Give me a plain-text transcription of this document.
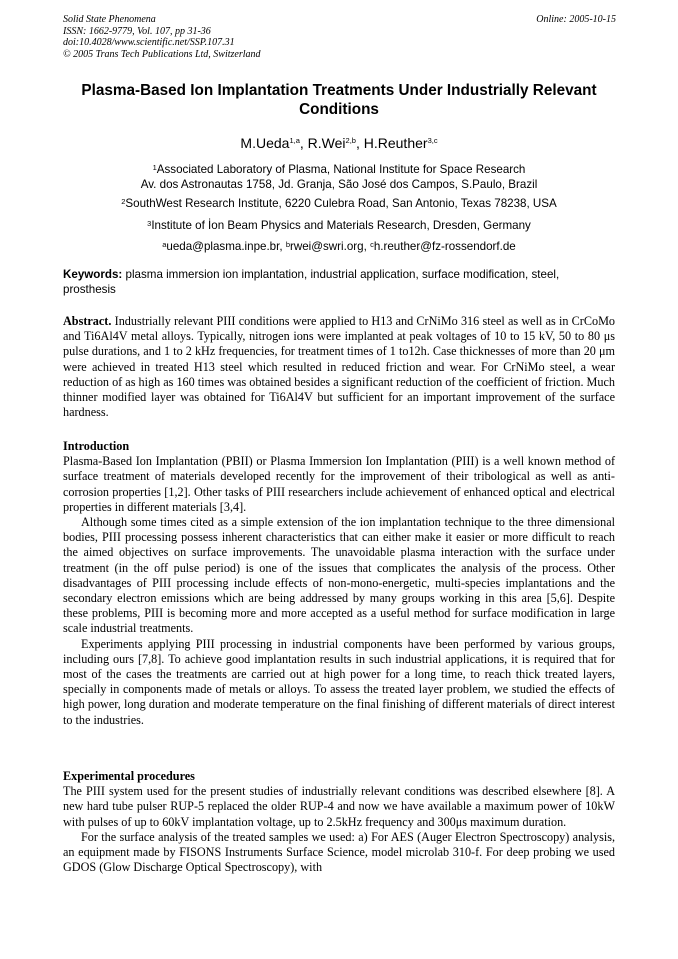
Solid State Phenomena
ISSN: 1662-9779, Vol. 107, pp 31-36
doi:10.4028/www.scientific.net/SSP.107.31
© 2005 Trans Tech Publications Ltd, Switzerland
Online: 2005-10-15
Plasma-Based Ion Implantation Treatments Under Industrially Relevant Conditions
M.Ueda$^{1,a}$, R.Wei$^{2,b}$, H.Reuther$^{3,c}$
$^1$Associated Laboratory of Plasma, National Institute for Space Research
Av. dos Astronautas 1758, Jd. Granja, São José dos Campos, S.Paulo, Brazil
$^2$SouthWest Research Institute, 6220 Culebra Road, San Antonio, Texas 78238, USA
$^3$Institute of İon Beam Physics and Materials Research, Dresden, Germany
$^a$ueda@plasma.inpe.br, $^b$rwei@swri.org, $^c$h.reuther@fz-rossendorf.de
Keywords: plasma immersion ion implantation, industrial application, surface modification, steel, prosthesis

Abstract. Industrially relevant PIII conditions were applied to H13 and CrNiMo 316 steel as well as in CrCoMo and Ti6Al4V metal alloys. Typically, nitrogen ions were implanted at peak voltages of 10 to 15 kV, 50 to 80 μs pulse durations, and 1 to 2 kHz frequencies, for treatment times of 1 to12h. Case thicknesses of more than 20 μm were achieved in treated H13 steel which resulted in reduced friction and wear. For CrNiMo steel, a wear reduction of as high as 160 times was obtained besides a significant reduction of the coefficient of friction. Much thinner modified layer was obtained for Ti6Al4V but sufficient for an important improvement of the surface hardness.

Introduction

Plasma-Based Ion Implantation (PBII) or Plasma Immersion Ion Implantation (PIII) is a well known method of surface treatment of materials developed recently for the improvement of their tribological as well as anti-corrosion properties [1,2]. Other tasks of PIII researchers include achievement of enhanced optical and electrical properties in different materials [3,4].

Although some times cited as a simple extension of the ion implantation technique to the three dimensional bodies, PIII processing possess inherent characteristics that can either make it easier or more difficult to reach the aimed objectives on surface improvements. The unavoidable plasma interaction with the surface under treatment (in the off pulse period) is one of the issues that complicates the analysis of the process. Other disadvantages of PIII processing include effects of non-mono-energetic, multi-species implantations and the secondary electron emissions which are being addressed by many groups working in this area [5,6]. Despite these problems, PIII is becoming more and more accepted as a useful method for surface modification in large scale industrial treatments.

Experiments applying PIII processing in industrial components have been performed by various groups, including ours [7,8]. To achieve good implantation results in such industrial applications, it is required that for most of the cases the treatments are carried out at high power for a long time, to reach thick treated layers, specially in components made of metals or alloys. To assess the treated layer problem, we studied the effects of high power, long duration and moderate temperature on the final finishing of different materials of direct interest to the industries.

Experimental procedures

The PIII system used for the present studies of industrially relevant conditions was described elsewhere [8]. A new hard tube pulser RUP-5 replaced the older RUP-4 and now we have available a maximum power of 10kW with pulses of up to 60kV implantation voltage, up to 2.5kHz frequency and 300μs maximum duration.

For the surface analysis of the treated samples we used: a) For AES (Auger Electron Spectroscopy) analysis, an equipment made by FISONS Instruments Surface Science, model microlab 310-f. For deep probing we used GDOS (Glow Discharge Optical Spectroscopy), with
